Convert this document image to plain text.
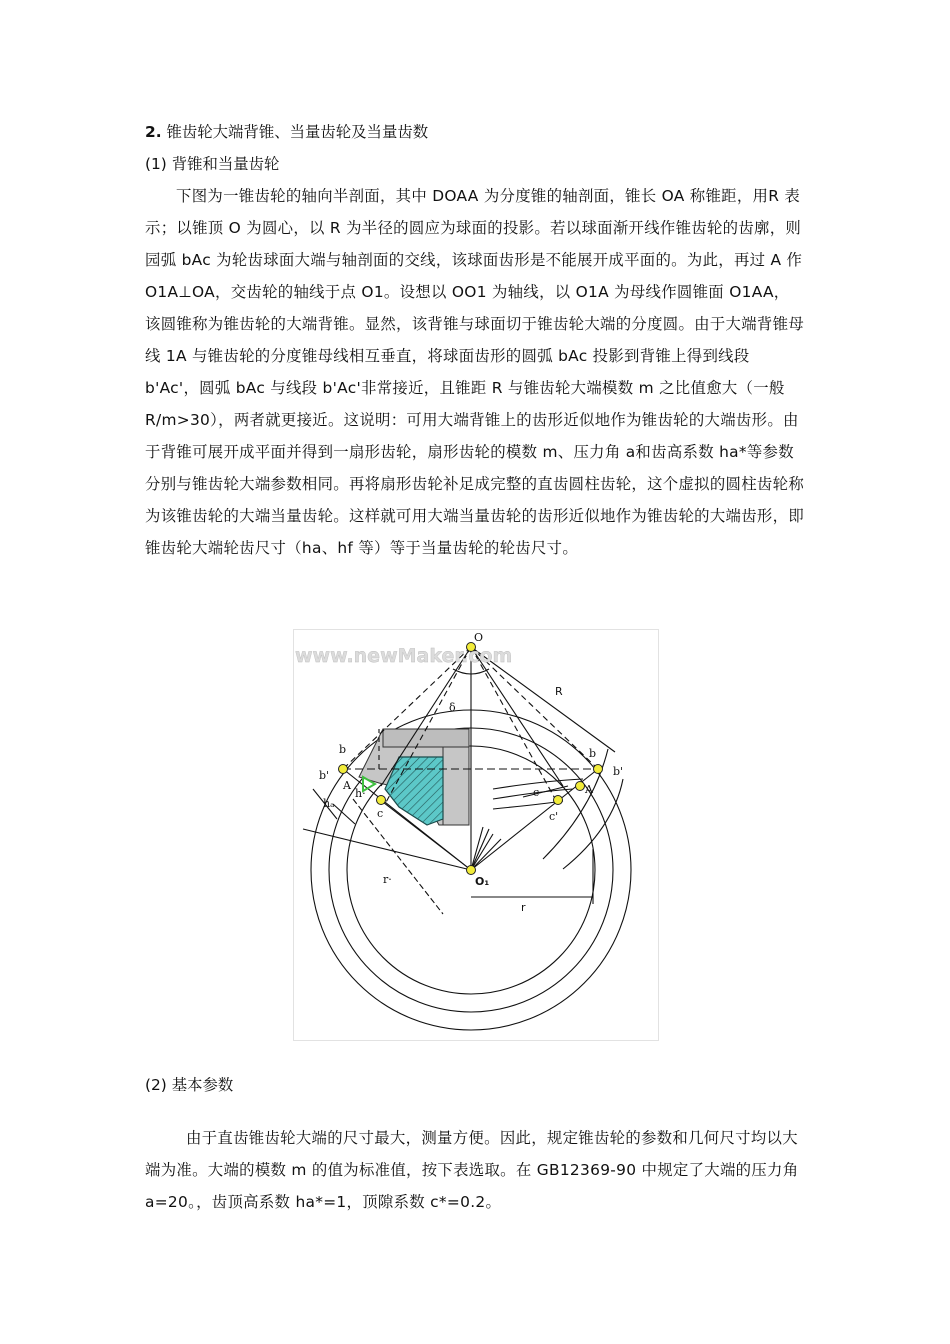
2. 锥齿轮大端背锥、当量齿轮及当量齿数
(1) 背锥和当量齿轮
下图为一锥齿轮的轴向半剖面，其中 DOAA 为分度锥的轴剖面，锥长 OA 称锥距，用R 表示；以锥顶 O 为圆心，以 R 为半径的圆应为球面的投影。若以球面渐开线作锥齿轮的齿廓，则园弧 bAc 为轮齿球面大端与轴剖面的交线，该球面齿形是不能展开成平面的。为此，再过 A 作 O1A⊥OA，交齿轮的轴线于点 O1。设想以 OO1 为轴线，以 O1A 为母线作圆锥面 O1AA，该圆锥称为锥齿轮的大端背锥。显然，该背锥与球面切于锥齿轮大端的分度圆。由于大端背锥母线 1A 与锥齿轮的分度锥母线相互垂直，将球面齿形的圆弧 bAc 投影到背锥上得到线段 b'Ac'，圆弧 bAc 与线段 b'Ac'非常接近，且锥距 R 与锥齿轮大端模数 m 之比值愈大（一般 R/m>30），两者就更接近。这说明：可用大端背锥上的齿形近似地作为锥齿轮的大端齿形。由于背锥可展开成平面并得到一扇形齿轮，扇形齿轮的模数 m、压力角 a和齿高系数 ha*等参数分别与锥齿轮大端参数相同。再将扇形齿轮补足成完整的直齿圆柱齿轮，这个虚拟的圆柱齿轮称为该锥齿轮的大端当量齿轮。这样就可用大端当量齿轮的齿形近似地作为锥齿轮的大端齿形，即锥齿轮大端轮齿尺寸（ha、hf 等）等于当量齿轮的轮齿尺寸。
www.newMaker.com
O
R
δ
b
b'
A
hₐ
h·
c
b
b'
A
c
c'
r·	O₁
r
(2) 基本参数
由于直齿锥齿轮大端的尺寸最大，测量方便。因此，规定锥齿轮的参数和几何尺寸均以大端为准。大端的模数 m 的值为标准值，按下表选取。在 GB12369-90 中规定了大端的压力角 a=20。，齿顶高系数 ha*=1，顶隙系数 c*=0.2。
